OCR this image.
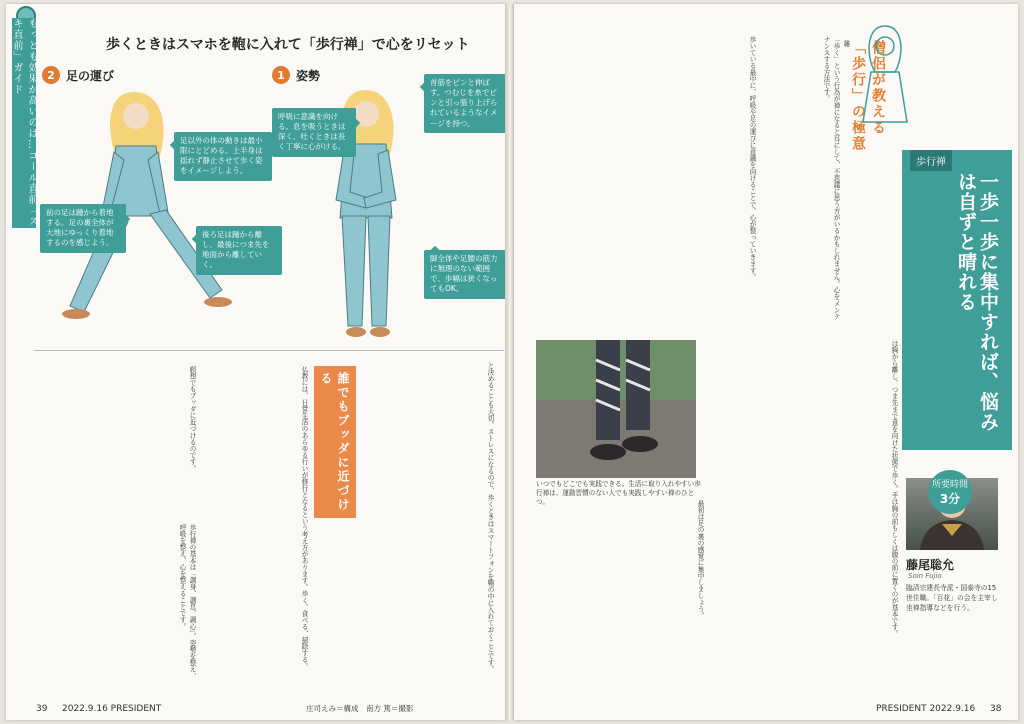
もっとも効果が高いのは…ゴール直前「スキ直前」ガイド	歩くときはスマホを鞄に入れて「歩行禅」で心をリセット
2 足の運び	1 姿勢
足以外の体の動きは最小限にとどめる。上半身は揺れず静止させて歩く姿をイメージしよう。
前の足は踵から着地する。足の裏全体が大地にゆっくり着地するのを感じよう。
後ろ足は踵から離し、最後につま先を地面から離していく。
呼吸に意識を向ける。息を吸うときは深く、吐くときは長く丁寧に心がける。
首筋をピンと伸ばす。つむじを糸でピンと引っ張り上げられているようなイメージを持つ。
脚全体や足腰の筋力に無理のない範囲で、歩幅は狭くなってもOK。
誰でもブッダに近づける	と決めることも大切。ストレスになるので、歩くときはスマートフォンを鞄の中に入れておくことです。
仏教には、日常生活のあらゆる行いが修行となるという考え方があります。歩く、食べる、掃除する。
瞑想でもブッダに近づけるのです。
歩行禅の基本は「調身、調息、調心」。姿勢を整え、呼吸を整え、心を整えることです。
39 2022.9.16 PRESIDENT	庄司えみ＝構成　南方 篤＝撮影
僧侶が教える「歩行」の極意
歩行禅
一歩一歩に集中すれば、悩みは自ずと晴れる
所要時間
3分
藤尾聡允
Soin Fujio
臨済宗建長寺派・国泰寺の15世住職。「百花」の会を主宰し坐禅指導などを行う。
いつでもどこでも実践できる。生活に取り入れやすい歩行禅は、運動習慣のない人でも実践しやすい禅のひとつ。
「歩く」という行為が禅になると耳にして、不思議に思う方がいるかもしれません。心をメンテナンスする方法です。
歩いている最中に、呼吸や足の運びに意識を向けることで、心が整っていきます。
は胸から離し、つま先まで意を向けた状態で歩く。手は胸の前もしくは腹の前に置くのが基本です。
最初は足の裏の感覚に集中しましょう。
雑
PRESIDENT 2022.9.16 38
